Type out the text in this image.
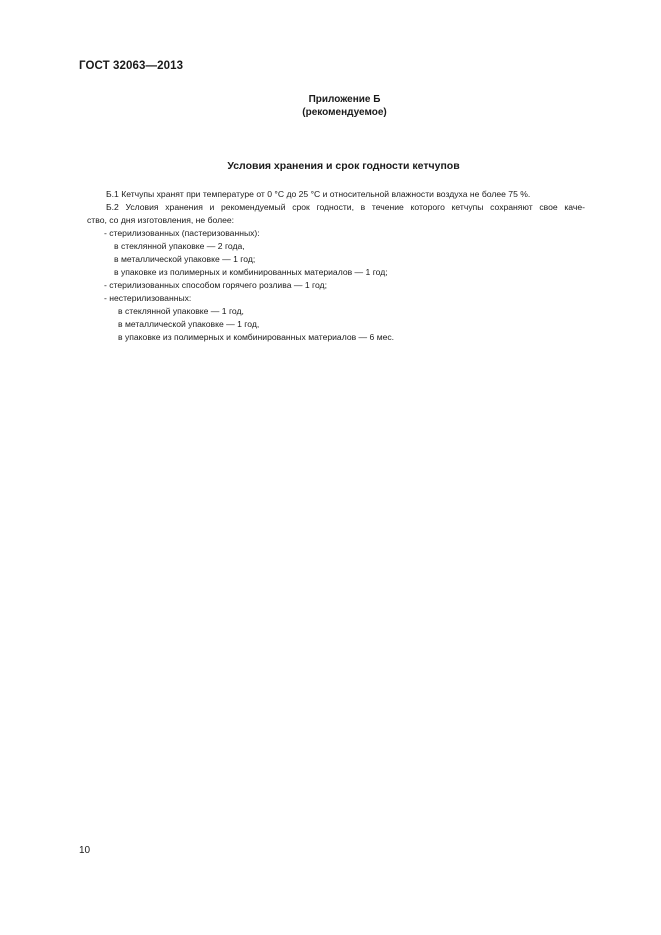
ГОСТ 32063—2013
Приложение Б
(рекомендуемое)
Условия хранения и срок годности кетчупов
Б.1 Кетчупы хранят при температуре от 0 °С до 25 °С и относительной влажности воздуха не более 75 %.
Б.2 Условия хранения и рекомендуемый срок годности, в течение которого кетчупы сохраняют свое каче-
ство, со дня изготовления, не более:
- стерилизованных (пастеризованных):
в стеклянной упаковке — 2 года,
в металлической упаковке — 1 год;
в упаковке из полимерных и комбинированных материалов — 1 год;
- стерилизованных способом горячего розлива — 1 год;
- нестерилизованных:
в стеклянной упаковке — 1 год,
в металлической упаковке — 1 год,
в упаковке из полимерных и комбинированных материалов — 6 мес.
10
